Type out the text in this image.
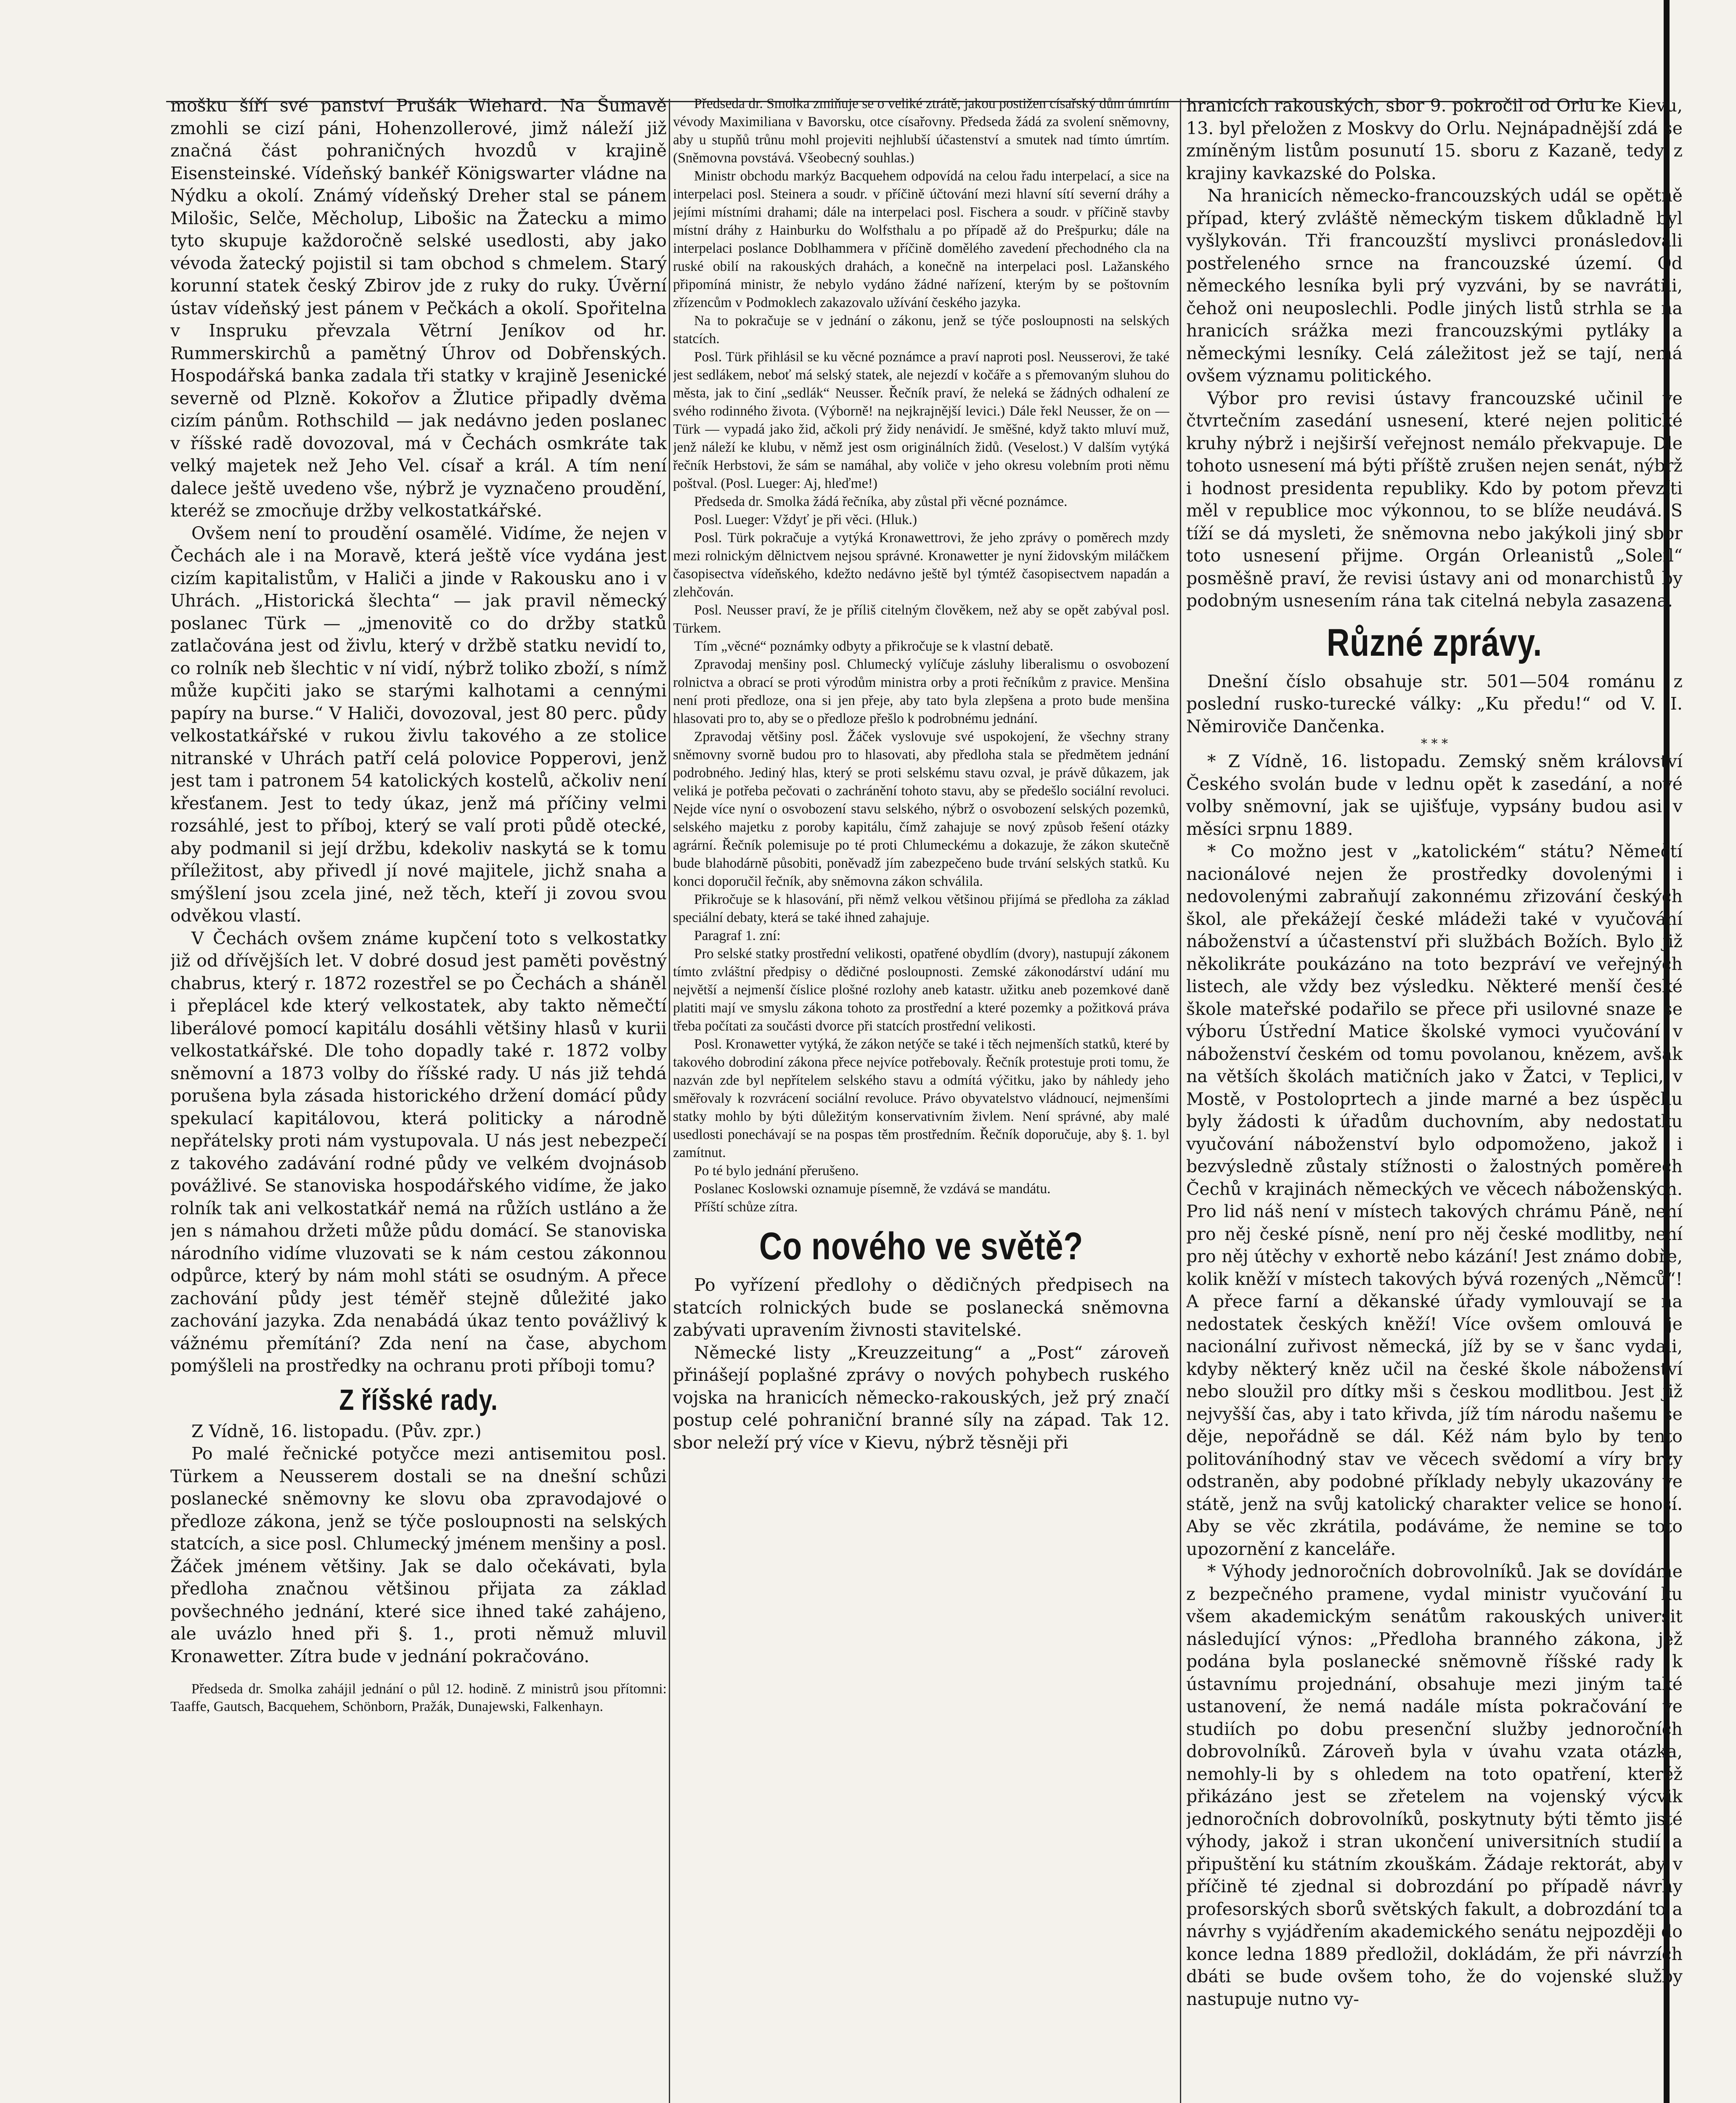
mošku šíří své panství Prušák Wiehard. Na Šumavě zmohli se cizí páni, Hohenzollerové, jimž náleží již značná část pohraničných hvozdů v krajině Eisensteinské. Vídeňský bankéř Königswarter vládne na Nýdku a okolí. Známý vídeňský Dreher stal se pánem Milošic, Selče, Měcholup, Libošic na Žatecku a mimo tyto skupuje každoročně selské usedlosti, aby jako vévoda žatecký pojistil si tam obchod s chmelem. Starý korunní statek český Zbirov jde z ruky do ruky. Úvěrní ústav vídeňský jest pánem v Pečkách a okolí. Spořitelna v Inspruku převzala Větrní Jeníkov od hr. Rummerskirchů a pamětný Úhrov od Dobřenských. Hospodářská banka zadala tři statky v krajině Jesenické severně od Plzně. Kokořov a Žlutice připadly dvěma cizím pánům. Rothschild — jak nedávno jeden poslanec v říšské radě dovozoval, má v Čechách osmkráte tak velký majetek než Jeho Vel. císař a král. A tím není dalece ještě uvedeno vše, nýbrž je vyznačeno proudění, kteréž se zmocňuje držby velkostatkářské.

Ovšem není to proudění osamělé. Vidíme, že nejen v Čechách ale i na Moravě, která ještě více vydána jest cizím kapitalistům, v Haliči a jinde v Rakousku ano i v Uhrách. „Historická šlechta“ — jak pravil německý poslanec Türk — „jmenovitě co do držby statků zatlačována jest od živlu, který v držbě statku nevidí to, co rolník neb šlechtic v ní vidí, nýbrž toliko zboží, s nímž může kupčiti jako se starými kalhotami a cennými papíry na burse.“ V Haliči, dovozoval, jest 80 perc. půdy velkostatkářské v rukou živlu takového a ze stolice nitranské v Uhrách patří celá polovice Popperovi, jenž jest tam i patronem 54 katolických kostelů, ačkoliv není křesťanem. Jest to tedy úkaz, jenž má příčiny velmi rozsáhlé, jest to příboj, který se valí proti půdě otecké, aby podmanil si její držbu, kdekoliv naskytá se k tomu příležitost, aby přivedl jí nové majitele, jichž snaha a smýšlení jsou zcela jiné, než těch, kteří ji zovou svou odvěkou vlastí.

V Čechách ovšem známe kupčení toto s velkostatky již od dřívějších let. V dobré dosud jest paměti pověstný chabrus, který r. 1872 rozestřel se po Čechách a sháněl i přeplácel kde který velkostatek, aby takto němečtí liberálové pomocí kapitálu dosáhli většiny hlasů v kurii velkostatkářské. Dle toho dopadly také r. 1872 volby sněmovní a 1873 volby do říšské rady. U nás již tehdá porušena byla zásada historického držení domácí půdy spekulací kapitálovou, která politicky a národně nepřátelsky proti nám vystupovala. U nás jest nebezpečí z takového zadávání rodné půdy ve velkém dvojnásob povážlivé. Se stanoviska hospodářského vidíme, že jako rolník tak ani velkostatkář nemá na růžích ustláno a že jen s námahou držeti může půdu domácí. Se stanoviska národního vidíme vluzovati se k nám cestou zákonnou odpůrce, který by nám mohl státi se osudným. A přece zachování půdy jest téměř stejně důležité jako zachování jazyka. Zda nenabádá úkaz tento povážlivý k vážnému přemítání? Zda není na čase, abychom pomýšleli na prostředky na ochranu proti příboji tomu?

Z říšské rady.

Z Vídně, 16. listopadu. (Pův. zpr.)

Po malé řečnické potyčce mezi antisemitou posl. Türkem a Neusserem dostali se na dnešní schůzi poslanecké sněmovny ke slovu oba zpravodajové o předloze zákona, jenž se týče posloupnosti na selských statcích, a sice posl. Chlumecký jménem menšiny a posl. Žáček jménem většiny. Jak se dalo očekávati, byla předloha značnou většinou přijata za základ povšechného jednání, které sice ihned také zahájeno, ale uvázlo hned při §. 1., proti němuž mluvil Kronawetter. Zítra bude v jednání pokračováno.

Předseda dr. Smolka zahájil jednání o půl 12. hodině. Z ministrů jsou přítomni: Taaffe, Gautsch, Bacquehem, Schönborn, Pražák, Dunajewski, Falkenhayn.

Předseda dr. Smolka zmiňuje se o veliké ztrátě, jakou postižen císařský dům úmrtím vévody Maximiliana v Bavorsku, otce císařovny. Předseda žádá za svolení sněmovny, aby u stupňů trůnu mohl projeviti nejhlubší účastenství a smutek nad tímto úmrtím. (Sněmovna povstává. Všeobecný souhlas.)

Ministr obchodu markýz Bacquehem odpovídá na celou řadu interpelací, a sice na interpelaci posl. Steinera a soudr. v příčině účtování mezi hlavní sítí severní dráhy a jejími místními drahami; dále na interpelaci posl. Fischera a soudr. v příčině stavby místní dráhy z Hainburku do Wolfsthalu a po případě až do Prešpurku; dále na interpelaci poslance Doblhammera v příčině domělého zavedení přechodného cla na ruské obilí na rakouských drahách, a konečně na interpelaci posl. Lažanského připomíná ministr, že nebylo vydáno žádné nařízení, kterým by se poštovním zřízencům v Podmoklech zakazovalo užívání českého jazyka.

Na to pokračuje se v jednání o zákonu, jenž se týče posloupnosti na selských statcích.

Posl. Türk přihlásil se ku věcné poznámce a praví naproti posl. Neusserovi, že také jest sedlákem, neboť má selský statek, ale nejezdí v kočáře a s přemovaným sluhou do města, jak to činí „sedlák“ Neusser. Řečník praví, že neleká se žádných odhalení ze svého rodinného života. (Výborně! na nejkrajnější levici.) Dále řekl Neusser, že on — Türk — vypadá jako žid, ačkoli prý židy nenávidí. Je směšné, když takto mluví muž, jenž náleží ke klubu, v němž jest osm originálních židů. (Veselost.) V dalším vytýká řečník Herbstovi, že sám se namáhal, aby voliče v jeho okresu volebním proti němu poštval. (Posl. Lueger: Aj, hleďme!)

Předseda dr. Smolka žádá řečníka, aby zůstal při věcné poznámce.

Posl. Lueger: Vždyť je při věci. (Hluk.)

Posl. Türk pokračuje a vytýká Kronawettrovi, že jeho zprávy o poměrech mzdy mezi rolnickým dělnictvem nejsou správné. Kronawetter je nyní židovským miláčkem časopisectva vídeňského, kdežto nedávno ještě byl týmtéž časopisectvem napadán a zlehčován.

Posl. Neusser praví, že je příliš citelným člověkem, než aby se opět zabýval posl. Türkem.

Tím „věcné“ poznámky odbyty a přikročuje se k vlastní debatě.

Zpravodaj menšiny posl. Chlumecký vylíčuje zásluhy liberalismu o osvobození rolnictva a obrací se proti výrodům ministra orby a proti řečníkům z pravice. Menšina není proti předloze, ona si jen přeje, aby tato byla zlepšena a proto bude menšina hlasovati pro to, aby se o předloze přešlo k podrobnému jednání.

Zpravodaj většiny posl. Žáček vyslovuje své uspokojení, že všechny strany sněmovny svorně budou pro to hlasovati, aby předloha stala se předmětem jednání podrobného. Jediný hlas, který se proti selskému stavu ozval, je právě důkazem, jak veliká je potřeba pečovati o zachránění tohoto stavu, aby se předešlo sociální revoluci. Nejde více nyní o osvobození stavu selského, nýbrž o osvobození selských pozemků, selského majetku z poroby kapitálu, čímž zahajuje se nový způsob řešení otázky agrární. Řečník polemisuje po té proti Chlumeckému a dokazuje, že zákon skutečně bude blahodárně působiti, poněvadž jím zabezpečeno bude trvání selských statků. Ku konci doporučil řečník, aby sněmovna zákon schválila.

Přikročuje se k hlasování, při němž velkou většinou přijímá se předloha za základ speciální debaty, která se také ihned zahajuje.

Paragraf 1. zní:

Pro selské statky prostřední velikosti, opatřené obydlím (dvory), nastupují zákonem tímto zvláštní předpisy o dědičné posloupnosti. Zemské zákonodárství udání mu největší a nejmenší číslice plošné rozlohy aneb katastr. užitku aneb pozemkové daně platiti mají ve smyslu zákona tohoto za prostřední a které pozemky a požitková práva třeba počítati za součásti dvorce při statcích prostřední velikosti.

Posl. Kronawetter vytýká, že zákon netýče se také i těch nejmenších statků, které by takového dobrodiní zákona přece nejvíce potřebovaly. Řečník protestuje proti tomu, že nazván zde byl nepřítelem selského stavu a odmítá výčitku, jako by náhledy jeho směřovaly k rozvrácení sociální revoluce. Právo obyvatelstvo vládnoucí, nejmenšími statky mohlo by býti důležitým konservativním živlem. Není správné, aby malé usedlosti ponechávají se na pospas těm prostředním. Řečník doporučuje, aby §. 1. byl zamítnut.

Po té bylo jednání přerušeno.

Poslanec Koslowski oznamuje písemně, že vzdává se mandátu.

Příští schůze zítra.

Co nového ve světě?

Po vyřízení předlohy o dědičných předpisech na statcích rolnických bude se poslanecká sněmovna zabývati upravením živnosti stavitelské.

Německé listy „Kreuzzeitung“ a „Post“ zároveň přinášejí poplašné zprávy o nových pohybech ruského vojska na hranicích německo-rakouských, jež prý značí postup celé pohraniční branné síly na západ. Tak 12. sbor neleží prý více v Kievu, nýbrž těsněji při

hranicích rakouských, sbor 9. pokročil od Orlu ke Kievu, 13. byl přeložen z Moskvy do Orlu. Nejnápadnější zdá se zmíněným listům posunutí 15. sboru z Kazaně, tedy z krajiny kavkazské do Polska.

Na hranicích německo-francouzských udál se opětně případ, který zvláště německým tiskem důkladně byl vyšlykován. Tři francouzští myslivci pronásledovali postřeleného srnce na francouzské území. Od německého lesníka byli prý vyzváni, by se navrátili, čehož oni neuposlechli. Podle jiných listů strhla se na hranicích srážka mezi francouzskými pytláky a německými lesníky. Celá záležitost jež se tají, nemá ovšem významu politického.

Výbor pro revisi ústavy francouzské učinil ve čtvrtečním zasedání usnesení, které nejen politické kruhy nýbrž i nejširší veřejnost nemálo překvapuje. Dle tohoto usnesení má býti příště zrušen nejen senát, nýbrž i hodnost presidenta republiky. Kdo by potom převzíti měl v republice moc výkonnou, to se blíže neudává. S tíží se dá mysleti, že sněmovna nebo jakýkoli jiný sbor toto usnesení přijme. Orgán Orleanistů „Soleil“ posměšně praví, že revisi ústavy ani od monarchistů by podobným usnesením rána tak citelná nebyla zasazena.

Různé zprávy.

Dnešní číslo obsahuje str. 501—504 románu z poslední rusko-turecké války: „Ku předu!“ od V. I. Němiroviče Dančenka.

* * *

* Z Vídně, 16. listopadu. Zemský sněm království Českého svolán bude v lednu opět k zasedání, a nové volby sněmovní, jak se ujišťuje, vypsány budou asi v měsíci srpnu 1889.

* Co možno jest v „katolickém“ státu? Němečtí nacionálové nejen že prostředky dovolenými i nedovolenými zabraňují zakonnému zřizování českých škol, ale překážejí české mládeži také v vyučování náboženství a účastenství při službách Božích. Bylo již několikráte poukázáno na toto bezpráví ve veřejných listech, ale vždy bez výsledku. Některé menší české škole mateřské podařilo se přece při usilovné snaze se výboru Ústřední Matice školské vymoci vyučování v náboženství českém od tomu povolanou, knězem, avšak na větších školách matičních jako v Žatci, v Teplici, v Mostě, v Postoloprtech a jinde marné a bez úspěchu byly žádosti k úřadům duchovním, aby nedostatku vyučování náboženství bylo odpomoženo, jakož i bezvýsledně zůstaly stížnosti o žalostných poměrech Čechů v krajinách německých ve věcech náboženských. Pro lid náš není v místech takových chrámu Páně, není pro něj české písně, není pro něj české modlitby, není pro něj útěchy v exhortě nebo kázání! Jest známo dobře, kolik kněží v místech takových bývá rozených „Němců“! A přece farní a děkanské úřady vymlouvají se na nedostatek českých kněží! Více ovšem omlouvá je nacionální zuřivost německá, jíž by se v šanc vydali, kdyby některý kněz učil na české škole náboženství nebo sloužil pro dítky mši s českou modlitbou. Jest již nejvyšší čas, aby i tato křivda, jíž tím národu našemu se děje, nepořádně se dál. Kéž nám bylo by tento politováníhodný stav ve věcech svědomí a víry brzy odstraněn, aby podobné příklady nebyly ukazovány ve státě, jenž na svůj katolický charakter velice se honosí. Aby se věc zkrátila, podáváme, že nemine se toto upozornění z kanceláře.

* Výhody jednoročních dobrovolníků. Jak se dovídáme z bezpečného pramene, vydal ministr vyučování ku všem akademickým senátům rakouských universit následující výnos: „Předloha branného zákona, jež podána byla poslanecké sněmovně říšské rady k ústavnímu projednání, obsahuje mezi jiným také ustanovení, že nemá nadále místa pokračování ve studiích po dobu presenční služby jednoročních dobrovolníků. Zároveň byla v úvahu vzata otázka, nemohly-li by s ohledem na toto opatření, kteréž přikázáno jest se zřetelem na vojenský výcvik jednoročních dobrovolníků, poskytnuty býti těmto jisté výhody, jakož i stran ukončení universitních studií a připuštění ku státním zkouškám. Žádaje rektorát, aby v příčině té zjednal si dobrozdání po případě návrhy profesorských sborů světských fakult, a dobrozdání to a návrhy s vyjádřením akademického senátu nejpozději do konce ledna 1889 předložil, dokládám, že při návrzích dbáti se bude ovšem toho, že do vojenské služby nastupuje nutno vy-
